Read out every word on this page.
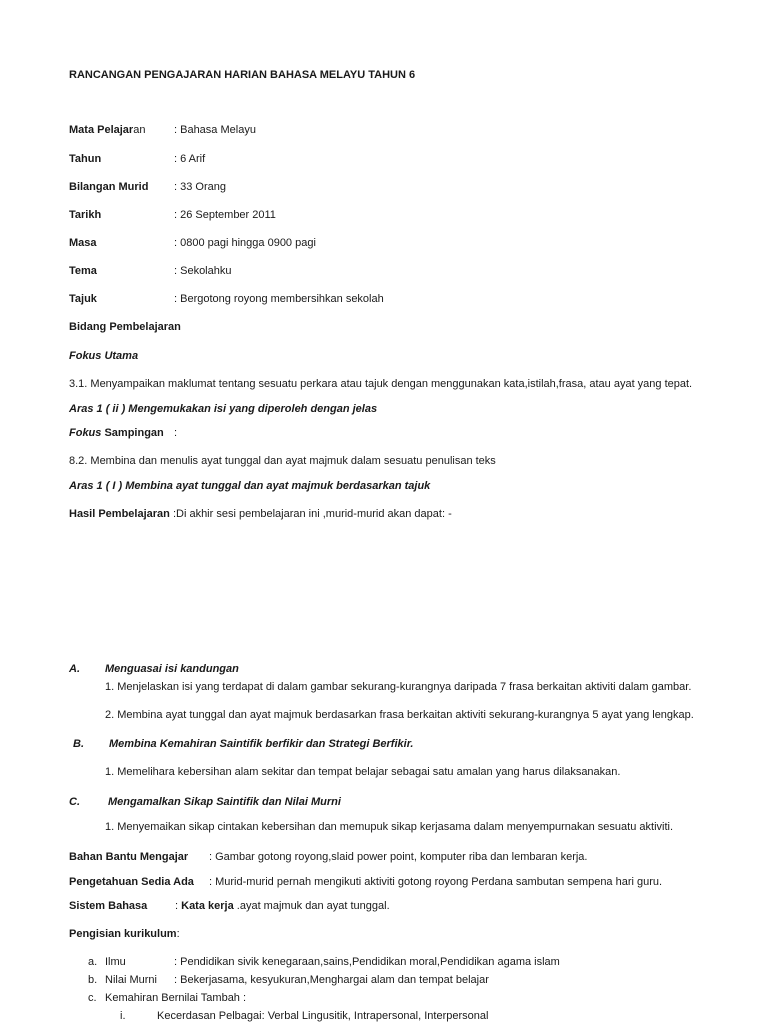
RANCANGAN PENGAJARAN HARIAN BAHASA MELAYU TAHUN 6
Mata Pelajaran	: Bahasa Melayu
Tahun	: 6 Arif
Bilangan Murid : 33 Orang
Tarikh	: 26 September 2011
Masa	: 0800 pagi hingga 0900 pagi
Tema	: Sekolahku
Tajuk	: Bergotong royong membersihkan sekolah
Bidang Pembelajaran
Fokus Utama
3.1. Menyampaikan maklumat tentang sesuatu perkara atau tajuk dengan menggunakan kata,istilah,frasa, atau ayat yang tepat.
Aras 1 ( ii ) Mengemukakan isi yang diperoleh dengan jelas
Fokus Sampingan :
8.2. Membina dan menulis ayat tunggal dan ayat majmuk dalam sesuatu penulisan teks
Aras 1 ( I ) Membina ayat tunggal dan ayat majmuk berdasarkan tajuk
Hasil Pembelajaran :Di akhir sesi pembelajaran ini ,murid-murid akan dapat: -
A. Menguasai isi kandungan
1. Menjelaskan isi yang terdapat di dalam gambar sekurang-kurangnya daripada 7 frasa berkaitan aktiviti dalam gambar.
2. Membina ayat tunggal dan ayat majmuk berdasarkan frasa berkaitan aktiviti sekurang-kurangnya 5 ayat yang lengkap.
B. Membina Kemahiran Saintifik berfikir dan Strategi Berfikir.
1. Memelihara kebersihan alam sekitar dan tempat belajar sebagai satu amalan yang harus dilaksanakan.
C.	Mengamalkan Sikap Saintifik dan Nilai Murni
1. Menyemaikan sikap cintakan kebersihan dan memupuk sikap kerjasama dalam menyempurnakan sesuatu aktiviti.
Bahan Bantu Mengajar : Gambar gotong royong,slaid power point, komputer riba dan lembaran kerja.
Pengetahuan Sedia Ada : Murid-murid pernah mengikuti aktiviti gotong royong Perdana sambutan sempena hari guru.
Sistem Bahasa	: Kata kerja .ayat majmuk dan ayat tunggal.
Pengisian kurikulum:
a. Ilmu	: Pendidikan sivik kenegaraan,sains,Pendidikan moral,Pendidikan agama islam
b. Nilai Murni : Bekerjasama, kesyukuran,Menghargai alam dan tempat belajar
c. Kemahiran Bernilai Tambah :
i.	Kecerdasan Pelbagai: Verbal Lingusitik, Intrapersonal, Interpersonal
